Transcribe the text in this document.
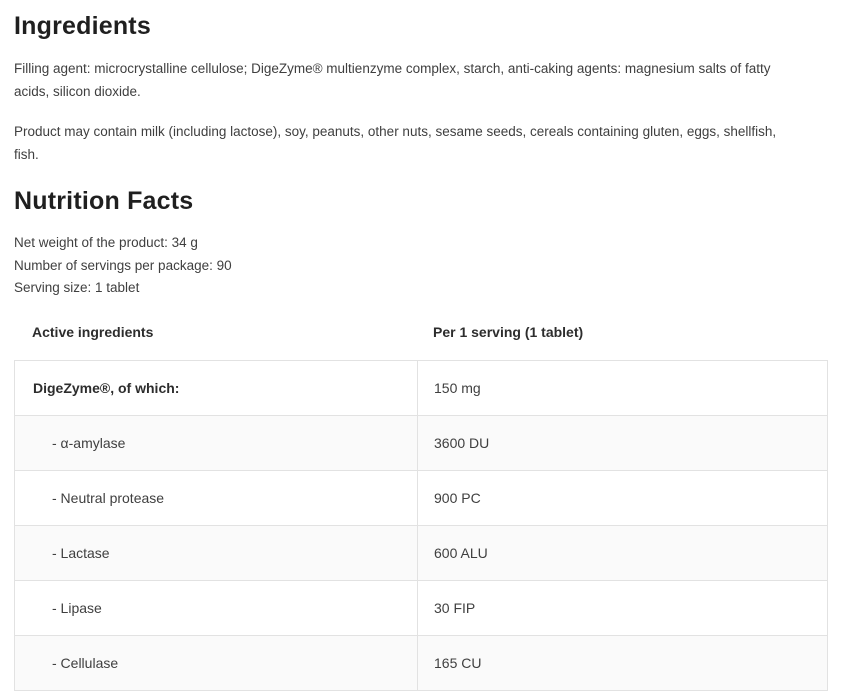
Ingredients
Filling agent: microcrystalline cellulose; DigeZyme® multienzyme complex, starch, anti-caking agents: magnesium salts of fatty
acids, silicon dioxide.
Product may contain milk (including lactose), soy, peanuts, other nuts, sesame seeds, cereals containing gluten, eggs, shellfish,
fish.
Nutrition Facts
Net weight of the product: 34 g
Number of servings per package: 90
Serving size: 1 tablet
Active ingredients	Per 1 serving (1 tablet)
DigeZyme®, of which:	150 mg
- α-amylase	3600 DU
- Neutral protease	900 PC
- Lactase	600 ALU
- Lipase	30 FIP
- Cellulase	165 CU
